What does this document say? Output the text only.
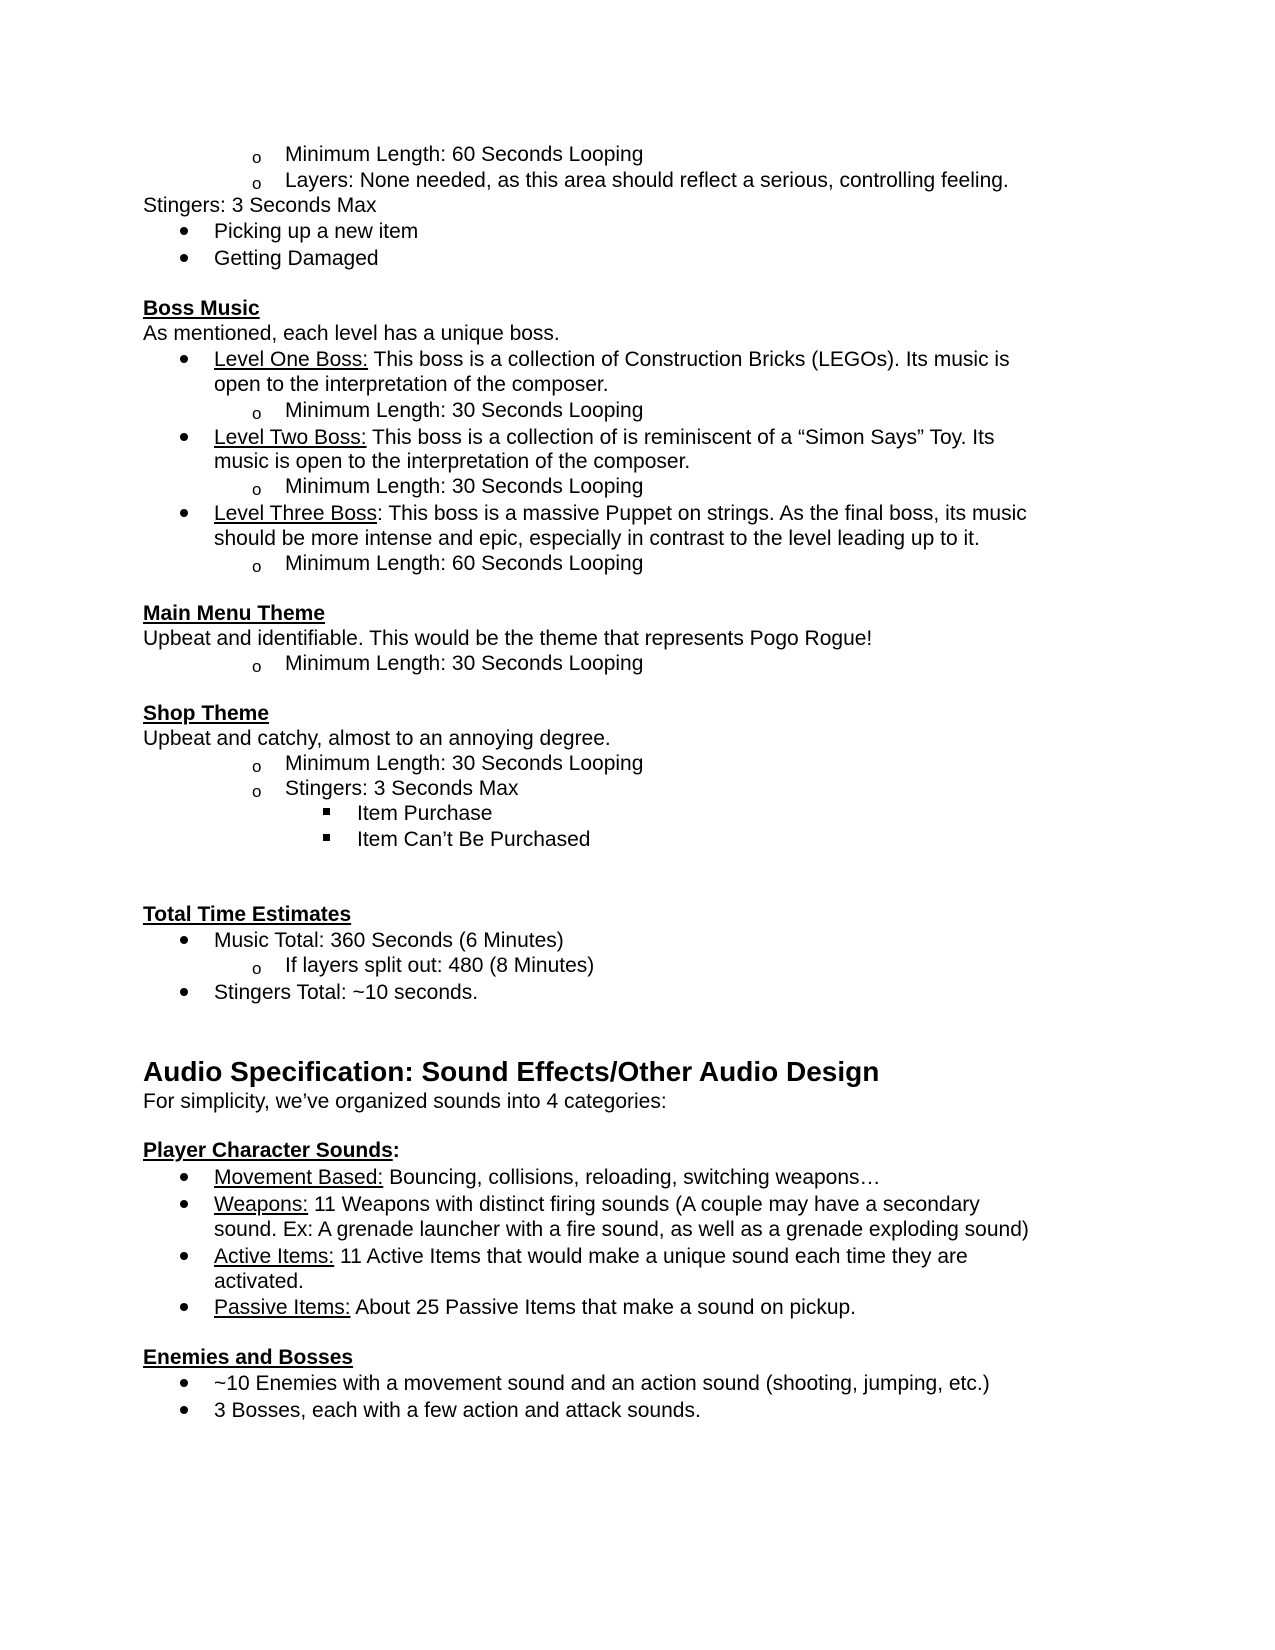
o Minimum Length: 60 Seconds Looping
o Layers: None needed, as this area should reflect a serious, controlling feeling.
Stingers: 3 Seconds Max
Picking up a new item
Getting Damaged
Boss Music
As mentioned, each level has a unique boss.
Level One Boss: This boss is a collection of Construction Bricks (LEGOs). Its music is
open to the interpretation of the composer.
o Minimum Length: 30 Seconds Looping
Level Two Boss: This boss is a collection of is reminiscent of a “Simon Says” Toy. Its
music is open to the interpretation of the composer.
o Minimum Length: 30 Seconds Looping
Level Three Boss: This boss is a massive Puppet on strings. As the final boss, its music
should be more intense and epic, especially in contrast to the level leading up to it.
o Minimum Length: 60 Seconds Looping
Main Menu Theme
Upbeat and identifiable. This would be the theme that represents Pogo Rogue!
o Minimum Length: 30 Seconds Looping
Shop Theme
Upbeat and catchy, almost to an annoying degree.
o Minimum Length: 30 Seconds Looping
o Stingers: 3 Seconds Max
Item Purchase
Item Can’t Be Purchased
Total Time Estimates
Music Total: 360 Seconds (6 Minutes)
o If layers split out: 480 (8 Minutes)
Stingers Total: ~10 seconds.
Audio Specification: Sound Effects/Other Audio Design
For simplicity, we’ve organized sounds into 4 categories:
Player Character Sounds:
Movement Based: Bouncing, collisions, reloading, switching weapons…
Weapons: 11 Weapons with distinct firing sounds (A couple may have a secondary
sound. Ex: A grenade launcher with a fire sound, as well as a grenade exploding sound)
Active Items: 11 Active Items that would make a unique sound each time they are
activated.
Passive Items: About 25 Passive Items that make a sound on pickup.
Enemies and Bosses
~10 Enemies with a movement sound and an action sound (shooting, jumping, etc.)
3 Bosses, each with a few action and attack sounds.
